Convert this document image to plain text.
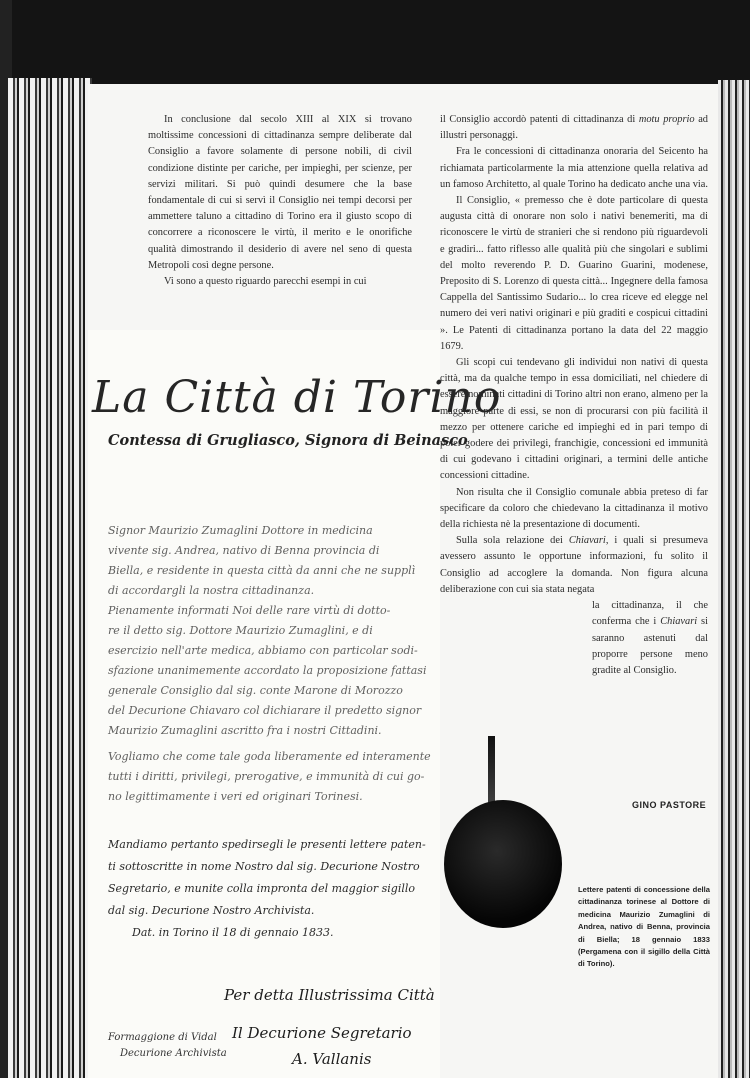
In conclusione dal secolo XIII al XIX si trovano moltissime concessioni di cittadinanza sempre deliberate dal Consiglio a favore solamente di persone nobili, di civil condizione distinte per cariche, per impieghi, per scienze, per servizi militari. Si può quindi desumere che la base fondamentale di cui si servì il Consiglio nei tempi decorsi per ammettere taluno a cittadino di Torino era il giusto scopo di concorrere a riconoscere le virtù, il merito e le onorifiche qualità dimostrando il desiderio di avere nel seno di questa Metropoli così degne persone.

Vi sono a questo riguardo parecchi esempi in cui

il Consiglio accordò patenti di cittadinanza di motu proprio ad illustri personaggi.

Fra le concessioni di cittadinanza onoraria del Seicento ha richiamata particolarmente la mia attenzione quella relativa ad un famoso Architetto, al quale Torino ha dedicato anche una via.

Il Consiglio, « premesso che è dote particolare di questa augusta città di onorare non solo i nativi benemeriti, ma di riconoscere le virtù de stranieri che si rendono più riguardevoli e gradiri... fatto riflesso alle qualità più che singolari e sublimi del molto reverendo P. D. Guarino Guarini, modenese, Preposito di S. Lorenzo di questa città... Ingegnere della famosa Cappella del Santissimo Sudario... lo crea riceve ed elegge nel numero dei veri nativi originari e più graditi e cospicui cittadini ». Le Patenti di cittadinanza portano la data del 22 maggio 1679.

Gli scopi cui tendevano gli individui non nativi di questa città, ma da qualche tempo in essa domiciliati, nel chiedere di essere nominati cittadini di Torino altri non erano, almeno per la maggiore parte di essi, se non di procurarsi con più facilità il mezzo per ottenere cariche ed impieghi ed in pari tempo di poter godere dei privilegi, franchigie, concessioni ed immunità di cui godevano i cittadini originari, a termini delle antiche concessioni cittadine.

Non risulta che il Consiglio comunale abbia preteso di far specificare da coloro che chiedevano la cittadinanza il motivo della richiesta nè la presentazione di documenti.

Sulla sola relazione dei Chiavari, i quali si presumeva avessero assunto le opportune informazioni, fu solito il Consiglio ad accoglere la domanda. Non figura alcuna deliberazione con cui sia stata negata

la cittadinanza, il che conferma che i Chiavari si saranno astenuti dal proporre persone meno gradite al Consiglio.

GINO PASTORE
La Città di Torino
Contessa di Grugliasco, Signora di Beinasco
Signor Maurizio Zumaglini Dottore in medicina
vivente sig. Andrea, nativo di Benna provincia di
Biella, e residente in questa città da anni che ne supplì
di accordargli la nostra cittadinanza.
Pienamente informati Noi delle rare virtù di dotto-
re il detto sig. Dottore Maurizio Zumaglini, e di
esercizio nell'arte medica, abbiamo con particolar sodi-
sfazione unanimemente accordato la proposizione fattasi
generale Consiglio dal sig. conte Marone di Morozzo
del Decurione Chiavaro col dichiarare il predetto signor
Maurizio Zumaglini ascritto fra i nostri Cittadini.
Vogliamo che come tale goda liberamente ed interamente
tutti i diritti, privilegi, prerogative, e immunità di cui go-
no legittimamente i veri ed originari Torinesi.
Mandiamo pertanto spedirsegli le presenti lettere paten-
ti sottoscritte in nome Nostro dal sig. Decurione Nostro
Segretario, e munite colla impronta del maggior sigillo
dal sig. Decurione Nostro Archivista.
Dat. in Torino il 18 di gennaio 1833.
Per detta Illustrissima Città
Il Decurione Segretario
A. Vallanis
Formaggione di Vidal
Decurione Archivista
Lettere patenti di concessione della cittadinanza torinese al Dottore di medicina Maurizio Zumaglini di Andrea, nativo di Benna, provincia di Biella; 18 gennaio 1833 (Pergamena con il sigillo della Città di Torino).
